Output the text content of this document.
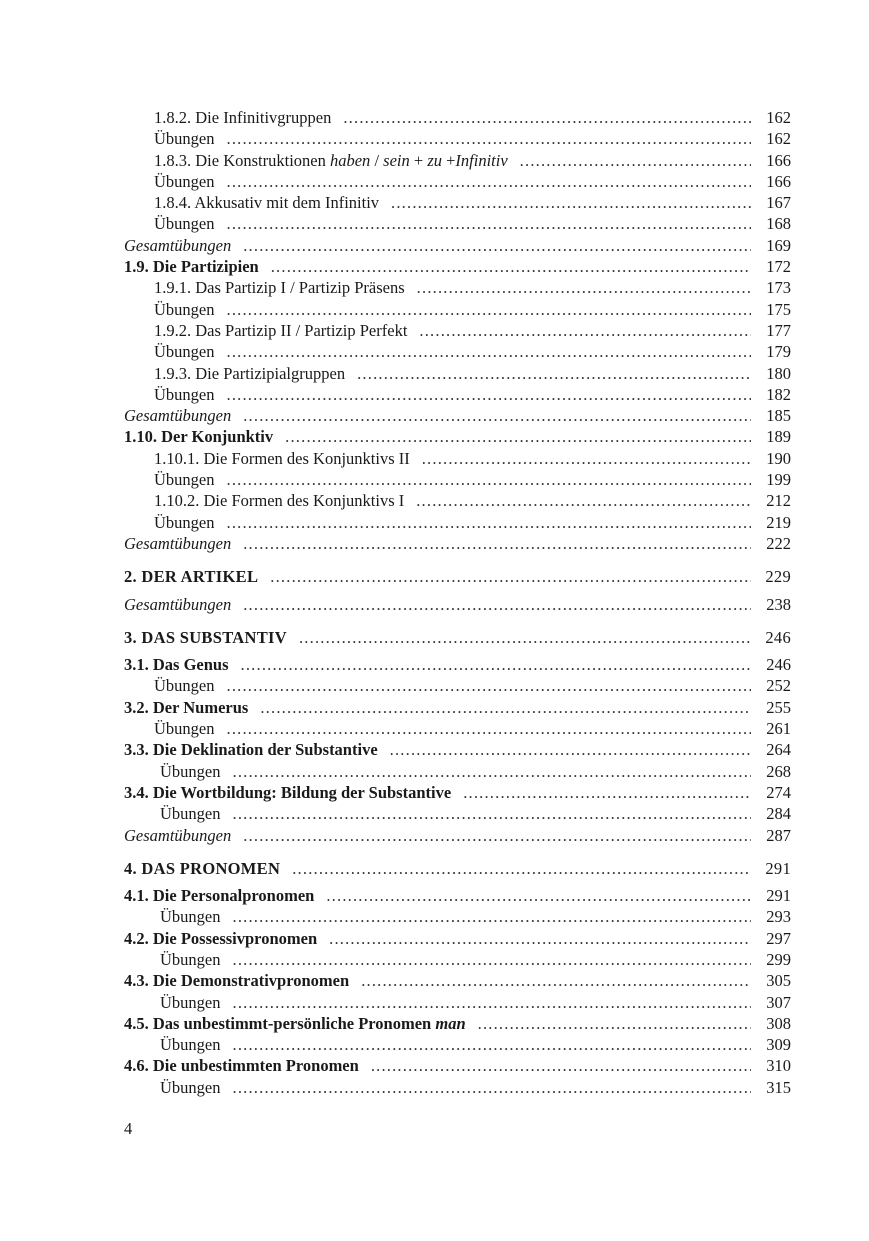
1.8.2. Die Infinitivgruppen .....	162
Übungen .....	162
1.8.3. Die Konstruktionen haben / sein + zu +Infinitiv .....	166
Übungen .....	166
1.8.4. Akkusativ mit dem Infinitiv .....	167
Übungen .....	168
Gesamtübungen .....	169
1.9. Die Partizipien .....	172
1.9.1. Das Partizip I / Partizip Präsens .....	173
Übungen .....	175
1.9.2. Das Partizip II / Partizip Perfekt .....	177
Übungen .....	179
1.9.3. Die Partizipialgruppen .....	180
Übungen .....	182
Gesamtübungen .....	185
1.10. Der Konjunktiv .....	189
1.10.1. Die Formen des Konjunktivs II .....	190
Übungen .....	199
1.10.2. Die Formen des Konjunktivs I .....	212
Übungen .....	219
Gesamtübungen .....	222
2. DER ARTIKEL .....	229
Gesamtübungen .....	238
3. DAS SUBSTANTIV .....	246
3.1. Das Genus .....	246
Übungen .....	252
3.2. Der Numerus .....	255
Übungen .....	261
3.3. Die Deklination der Substantive .....	264
Übungen .....	268
3.4. Die Wortbildung: Bildung der Substantive .....	274
Übungen .....	284
Gesamtübungen .....	287
4. DAS PRONOMEN .....	291
4.1. Die Personalpronomen .....	291
Übungen .....	293
4.2. Die Possessivpronomen .....	297
Übungen .....	299
4.3. Die Demonstrativpronomen .....	305
Übungen .....	307
4.5. Das unbestimmt-persönliche Pronomen man .....	308
Übungen .....	309
4.6. Die unbestimmten Pronomen .....	310
Übungen .....	315
4
